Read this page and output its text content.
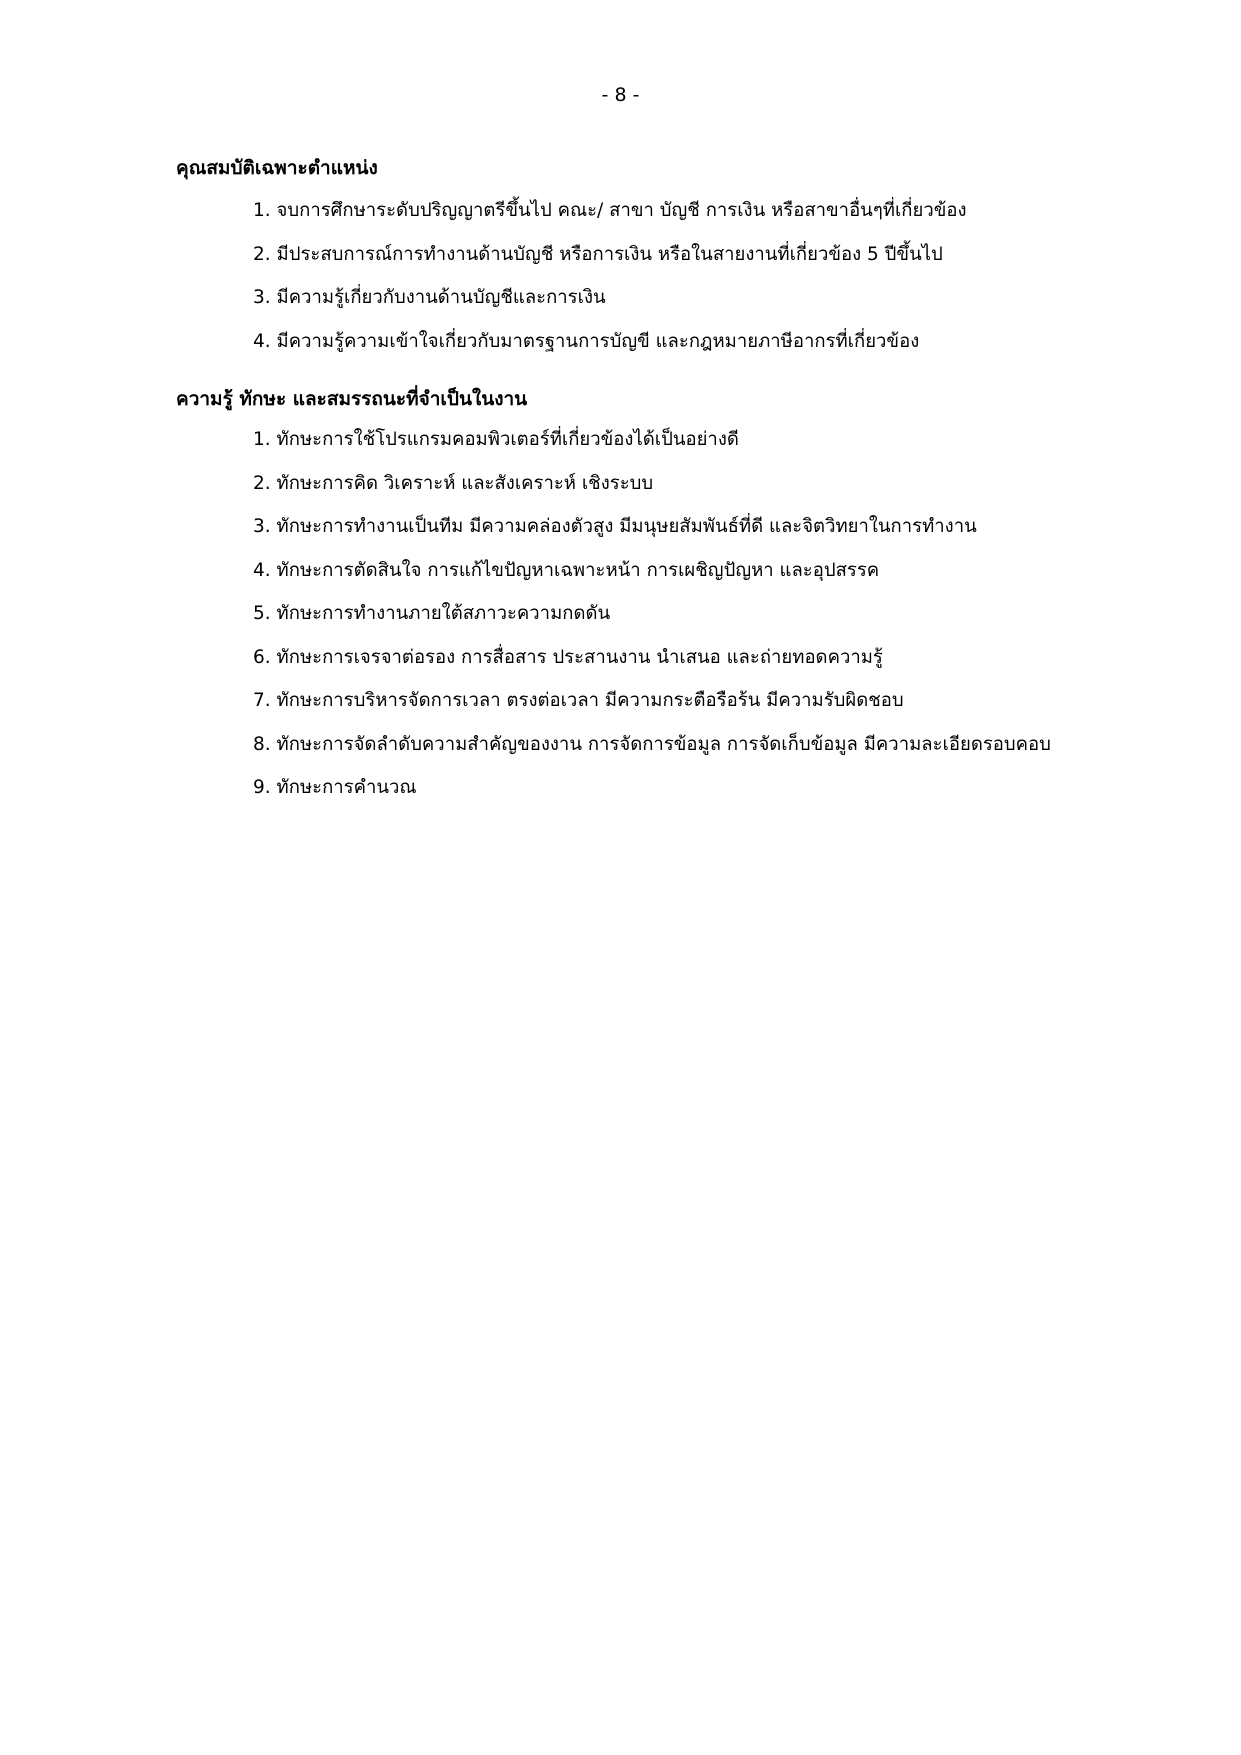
- 8 -
คุณสมบัติเฉพาะตำแหน่ง
1. จบการศึกษาระดับปริญญาตรีขึ้นไป คณะ/ สาขา บัญชี การเงิน หรือสาขาอื่นๆที่เกี่ยวข้อง
2. มีประสบการณ์การทำงานด้านบัญชี หรือการเงิน หรือในสายงานที่เกี่ยวข้อง 5 ปีขึ้นไป
3. มีความรู้เกี่ยวกับงานด้านบัญชีและการเงิน
4. มีความรู้ความเข้าใจเกี่ยวกับมาตรฐานการบัญขี และกฎหมายภาษีอากรที่เกี่ยวข้อง
ความรู้ ทักษะ และสมรรถนะที่จำเป็นในงาน
1. ทักษะการใช้โปรแกรมคอมพิวเตอร์ที่เกี่ยวข้องได้เป็นอย่างดี
2. ทักษะการคิด วิเคราะห์ และสังเคราะห์ เชิงระบบ
3. ทักษะการทำงานเป็นทีม มีความคล่องตัวสูง มีมนุษยสัมพันธ์ที่ดี และจิตวิทยาในการทำงาน
4. ทักษะการตัดสินใจ การแก้ไขปัญหาเฉพาะหน้า การเผชิญปัญหา และอุปสรรค
5. ทักษะการทำงานภายใต้สภาวะความกดดัน
6. ทักษะการเจรจาต่อรอง การสื่อสาร ประสานงาน นำเสนอ และถ่ายทอดความรู้
7. ทักษะการบริหารจัดการเวลา ตรงต่อเวลา มีความกระตือรือร้น มีความรับผิดชอบ
8. ทักษะการจัดลำดับความสำคัญของงาน การจัดการข้อมูล การจัดเก็บข้อมูล มีความละเอียดรอบคอบ
9. ทักษะการคำนวณ
